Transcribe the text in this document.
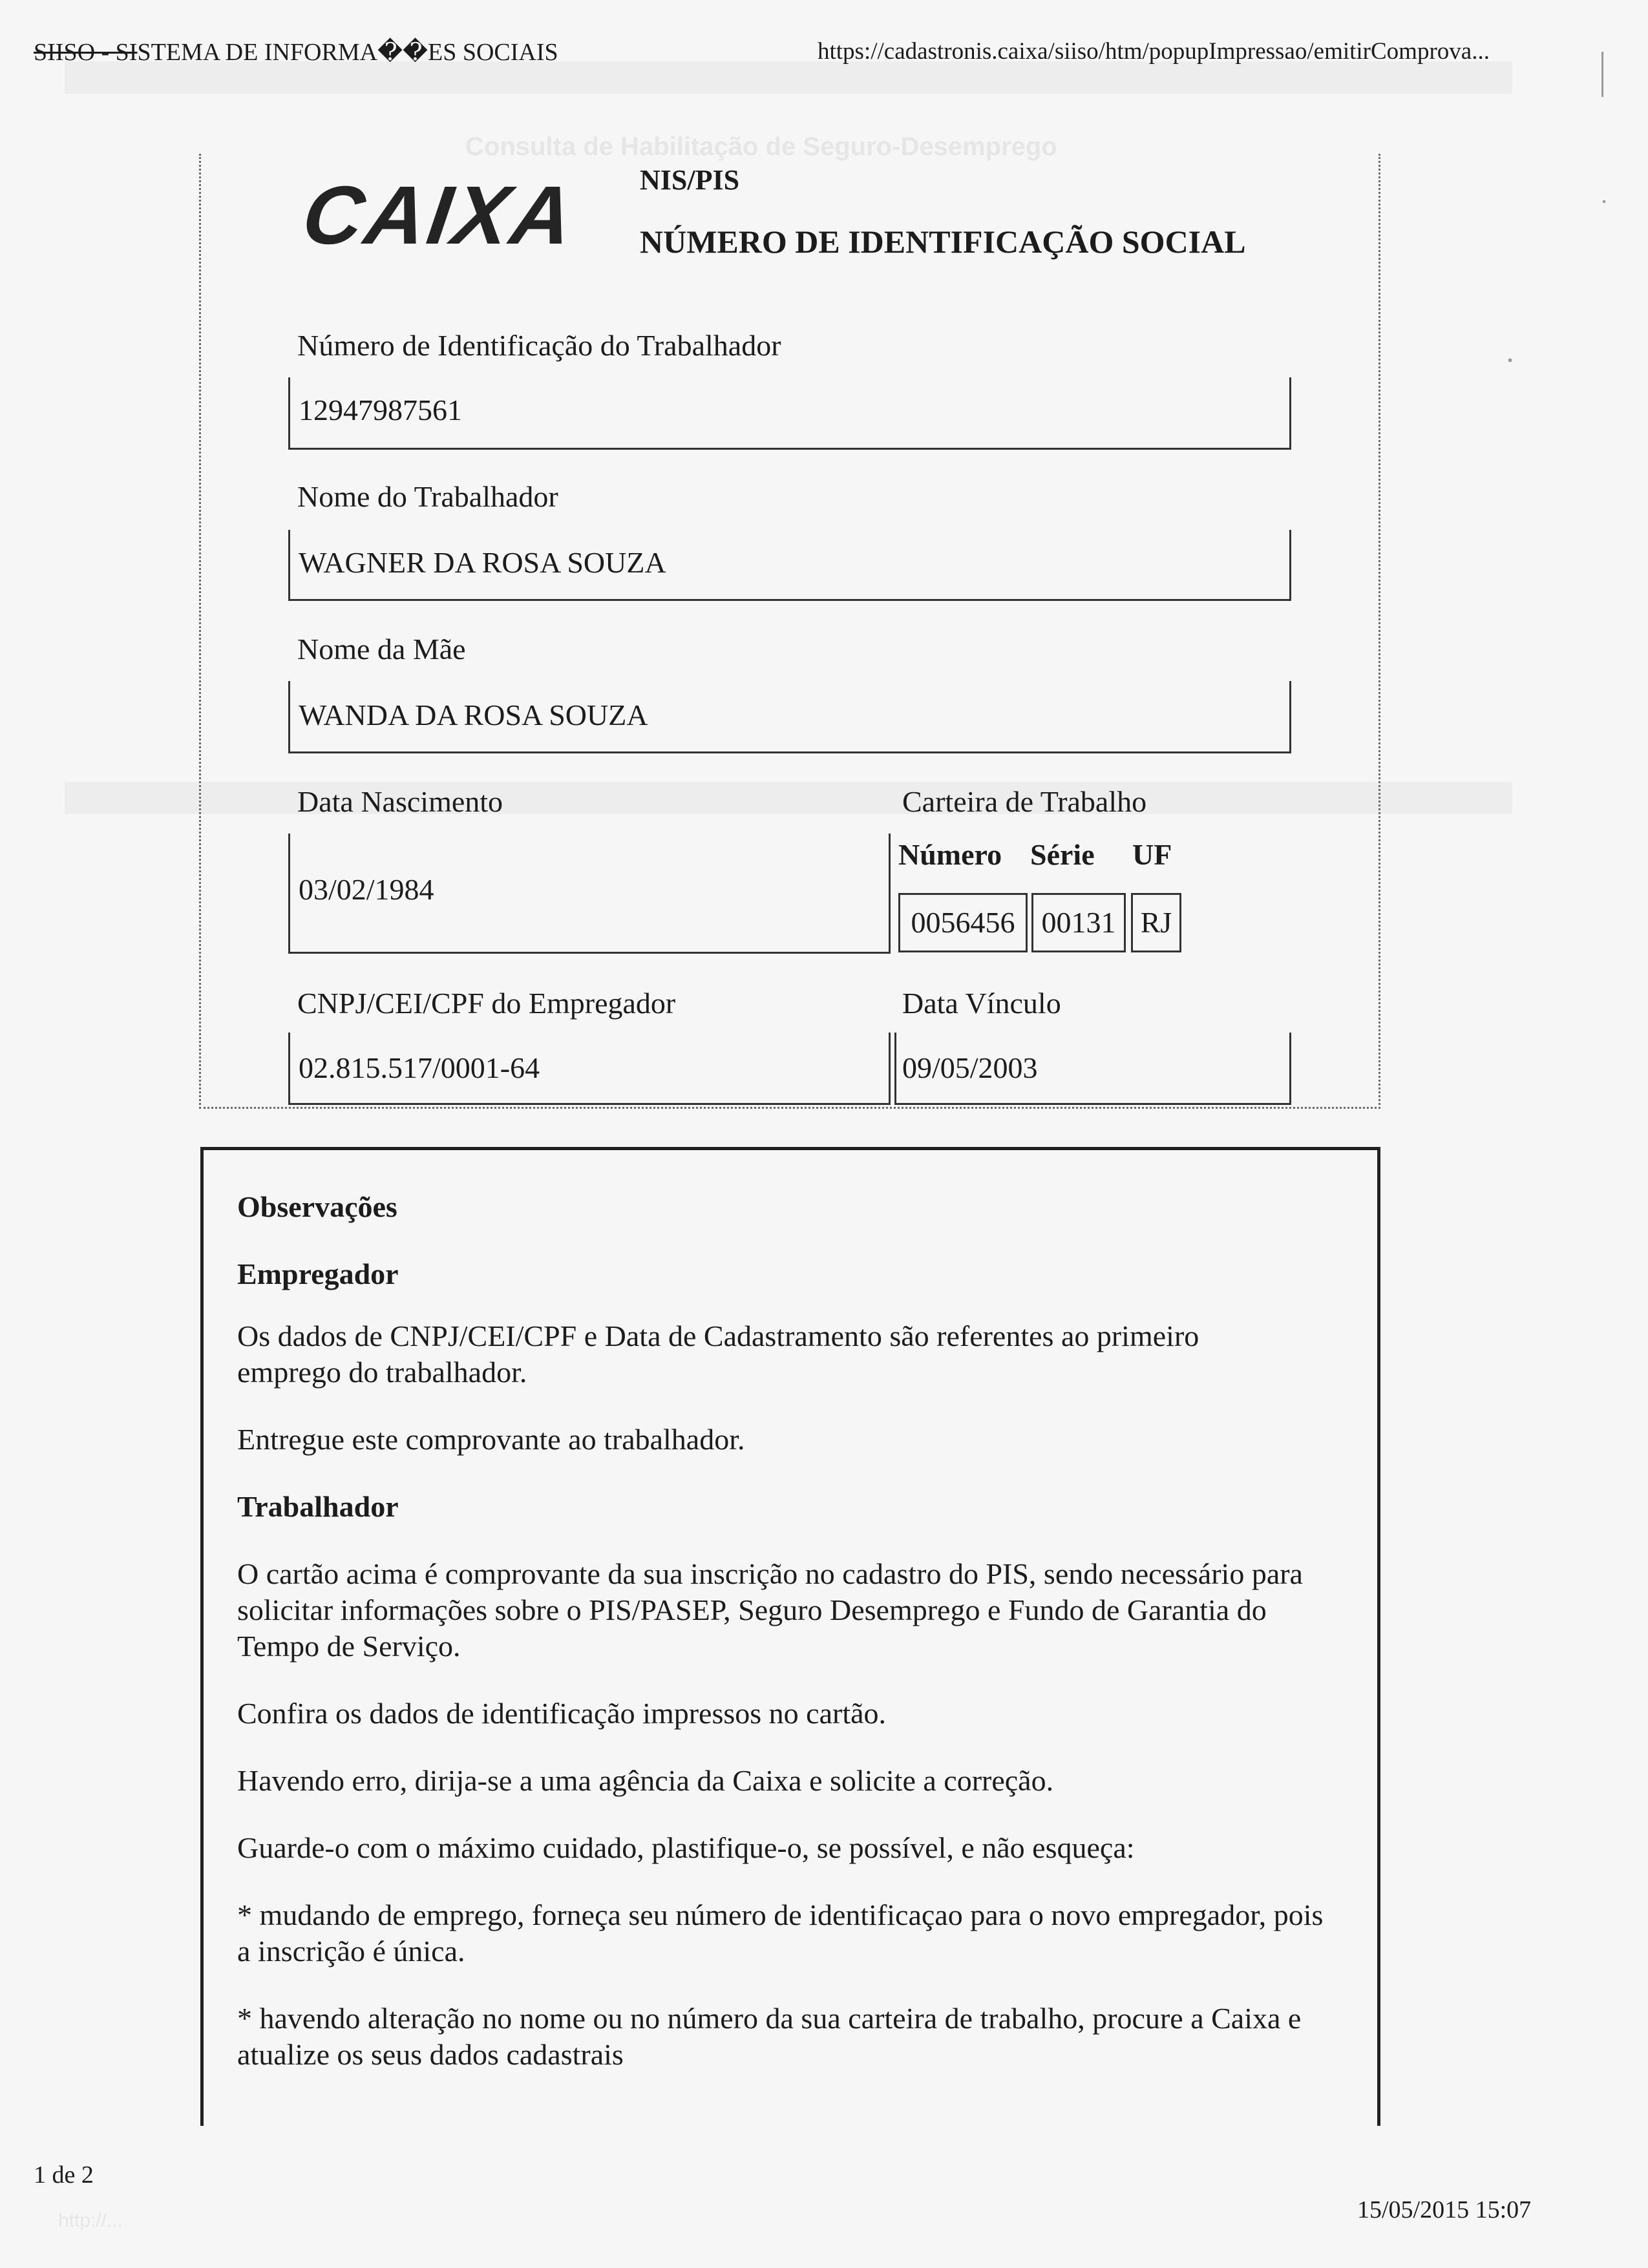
Consulta de Habilitação de Seguro-Desemprego
SIISO - SISTEMA DE INFORMA��ES SOCIAIS	https://cadastronis.caixa/siiso/htm/popupImpressao/emitirComprova...
CAIXA NIS/PIS
NÚMERO DE IDENTIFICAÇÃO SOCIAL
Número de Identificação do Trabalhador
12947987561
Nome do Trabalhador
WAGNER DA ROSA SOUZA
Nome da Mãe
WANDA DA ROSA SOUZA
Data Nascimento
03/02/1984
Carteira de Trabalho
Número Série UF
0056456 00131 RJ
CNPJ/CEI/CPF do Empregador
02.815.517/0001-64
Data Vínculo
09/05/2003
Observações
Empregador
Os dados de CNPJ/CEI/CPF e Data de Cadastramento são referentes ao primeiro emprego do trabalhador.
Entregue este comprovante ao trabalhador.
Trabalhador
O cartão acima é comprovante da sua inscrição no cadastro do PIS, sendo necessário para solicitar informações sobre o PIS/PASEP, Seguro Desemprego e Fundo de Garantia do Tempo de Serviço.
Confira os dados de identificação impressos no cartão.
Havendo erro, dirija-se a uma agência da Caixa e solicite a correção.
Guarde-o com o máximo cuidado, plastifique-o, se possível, e não esqueça:
* mudando de emprego, forneça seu número de identificaçao para o novo empregador, pois a inscrição é única.
* havendo alteração no nome ou no número da sua carteira de trabalho, procure a Caixa e atualize os seus dados cadastrais
1 de 2
http://...	15/05/2015 15:07
